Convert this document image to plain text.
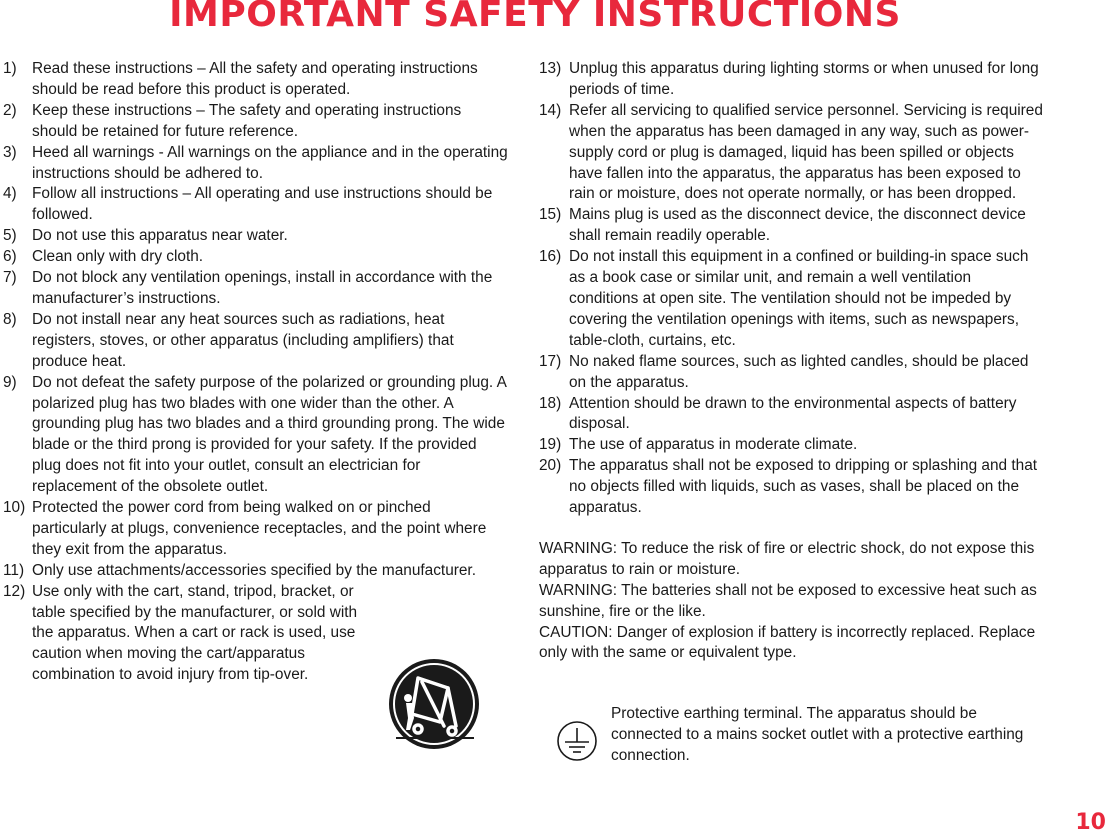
IMPORTANT SAFETY INSTRUCTIONS
1) Read these instructions – All the safety and operating instructions should be read before this product is operated.
2) Keep these instructions – The safety and operating instructions should be retained for future reference.
3) Heed all warnings - All warnings on the appliance and in the operating instructions should be adhered to.
4) Follow all instructions – All operating and use instructions should be followed.
5) Do not use this apparatus near water.
6) Clean only with dry cloth.
7) Do not block any ventilation openings, install in accordance with the manufacturer’s instructions.
8) Do not install near any heat sources such as radiations, heat registers, stoves, or other apparatus (including amplifiers) that produce heat.
9) Do not defeat the safety purpose of the polarized or grounding plug. A polarized plug has two blades with one wider than the other. A grounding plug has two blades and a third grounding prong. The wide blade or the third prong is provided for your safety. If the provided plug does not fit into your outlet, consult an electrician for replacement of the obsolete outlet.
10) Protected the power cord from being walked on or pinched particularly at plugs, convenience receptacles, and the point where they exit from the apparatus.
11) Only use attachments/accessories specified by the manufacturer.
12) Use only with the cart, stand, tripod, bracket, or table specified by the manufacturer, or sold with the apparatus. When a cart or rack is used, use caution when moving the cart/apparatus combination to avoid injury from tip-over.
13) Unplug this apparatus during lighting storms or when unused for long periods of time.
14) Refer all servicing to qualified service personnel. Servicing is required when the apparatus has been damaged in any way, such as power-supply cord or plug is damaged, liquid has been spilled or objects have fallen into the apparatus, the apparatus has been exposed to rain or moisture, does not operate normally, or has been dropped.
15) Mains plug is used as the disconnect device, the disconnect device shall remain readily operable.
16) Do not install this equipment in a confined or building-in space such as a book case or similar unit, and remain a well ventilation conditions at open site. The ventilation should not be impeded by covering the ventilation openings with items, such as newspapers, table-cloth, curtains, etc.
17) No naked flame sources, such as lighted candles, should be placed on the apparatus.
18) Attention should be drawn to the environmental aspects of battery disposal.
19) The use of apparatus in moderate climate.
20) The apparatus shall not be exposed to dripping or splashing and that no objects filled with liquids, such as vases, shall be placed on the apparatus.

WARNING: To reduce the risk of fire or electric shock, do not expose this apparatus to rain or moisture.

WARNING: The batteries shall not be exposed to excessive heat such as sunshine, fire or the like.

CAUTION: Danger of explosion if battery is incorrectly replaced. Replace only with the same or equivalent type.

Protective earthing terminal. The apparatus should be connected to a mains socket outlet with a protective earthing connection.
10
